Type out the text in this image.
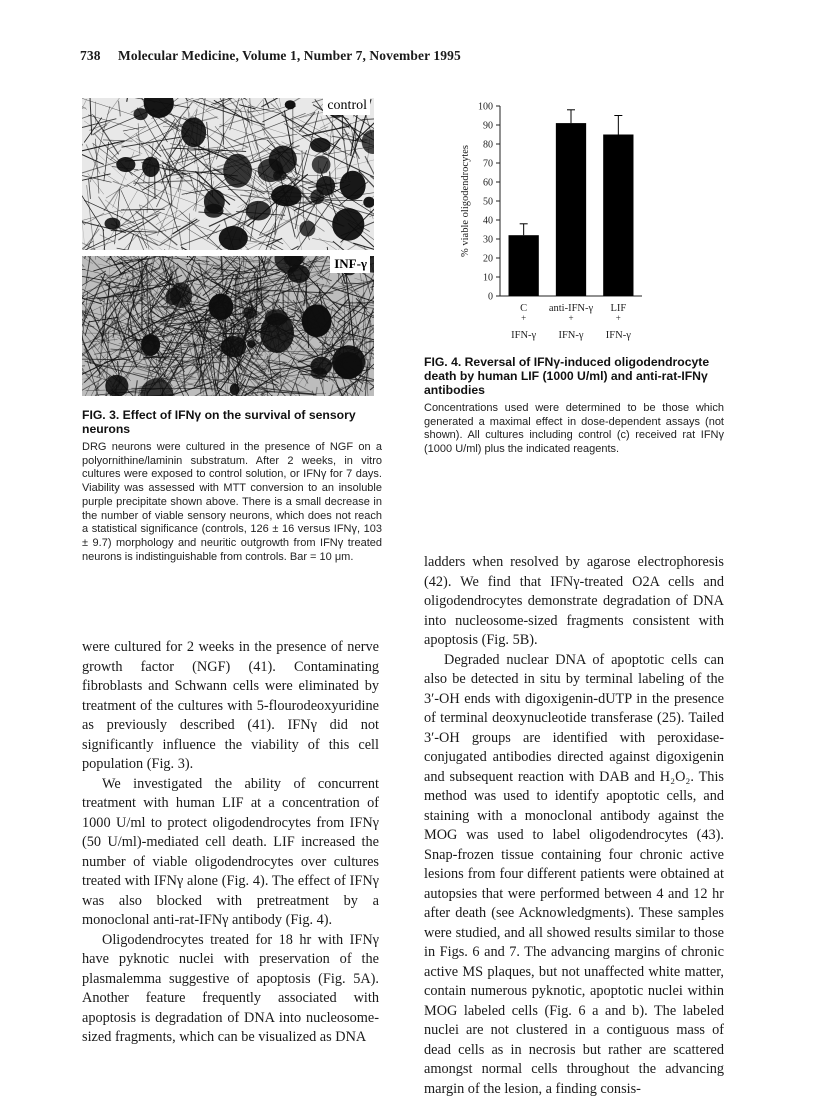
738 Molecular Medicine, Volume 1, Number 7, November 1995
control
INF-γ
FIG. 3. Effect of IFNγ on the survival of sensory neurons
DRG neurons were cultured in the presence of NGF on a polyornithine/laminin substratum. After 2 weeks, in vitro cultures were exposed to control solution, or IFNγ for 7 days. Viability was assessed with MTT conversion to an insoluble purple precipitate shown above. There is a small decrease in the number of viable sensory neurons, which does not reach a statistical significance (controls, 126 ± 16 versus IFNγ, 103 ± 9.7) morphology and neuritic outgrowth from IFNγ treated neurons is indistinguishable from controls. Bar = 10 μm.
0
10
20
30
40
50
60
70
80
90
100
% viable oligodendrocytes
C
+
IFN-γ
anti-IFN-γ
+
IFN-γ
LIF
+
IFN-γ
FIG. 4. Reversal of IFNγ-induced oligodendrocyte death by human LIF (1000 U/ml) and anti-rat-IFNγ antibodies
Concentrations used were determined to be those which generated a maximal effect in dose-dependent assays (not shown). All cultures including control (c) received rat IFNγ (1000 U/ml) plus the indicated reagents.

were cultured for 2 weeks in the presence of nerve growth factor (NGF) (41). Contaminating fibroblasts and Schwann cells were eliminated by treatment of the cultures with 5-flourodeoxyuridine as previously described (41). IFNγ did not significantly influence the viability of this cell population (Fig. 3).

We investigated the ability of concurrent treatment with human LIF at a concentration of 1000 U/ml to protect oligodendrocytes from IFNγ (50 U/ml)-mediated cell death. LIF increased the number of viable oligodendrocytes over cultures treated with IFNγ alone (Fig. 4). The effect of IFNγ was also blocked with pretreatment by a monoclonal anti-rat-IFNγ antibody (Fig. 4).

Oligodendrocytes treated for 18 hr with IFNγ have pyknotic nuclei with preservation of the plasmalemma suggestive of apoptosis (Fig. 5A). Another feature frequently associated with apoptosis is degradation of DNA into nucleosome-sized fragments, which can be visualized as DNA

ladders when resolved by agarose electrophoresis (42). We find that IFNγ-treated O2A cells and oligodendrocytes demonstrate degradation of DNA into nucleosome-sized fragments consistent with apoptosis (Fig. 5B).

Degraded nuclear DNA of apoptotic cells can also be detected in situ by terminal labeling of the 3′-OH ends with digoxigenin-dUTP in the presence of terminal deoxynucleotide transferase (25). Tailed 3′-OH groups are identified with peroxidase-conjugated antibodies directed against digoxigenin and subsequent reaction with DAB and H₂O₂. This method was used to identify apoptotic cells, and staining with a monoclonal antibody against the MOG was used to label oligodendrocytes (43). Snap-frozen tissue containing four chronic active lesions from four different patients were obtained at autopsies that were performed between 4 and 12 hr after death (see Acknowledgments). These samples were studied, and all showed results similar to those in Figs. 6 and 7. The advancing margins of chronic active MS plaques, but not unaffected white matter, contain numerous pyknotic, apoptotic nuclei within MOG labeled cells (Fig. 6 a and b). The labeled nuclei are not clustered in a contiguous mass of dead cells as in necrosis but rather are scattered amongst normal cells throughout the advancing margin of the lesion, a finding consis-
